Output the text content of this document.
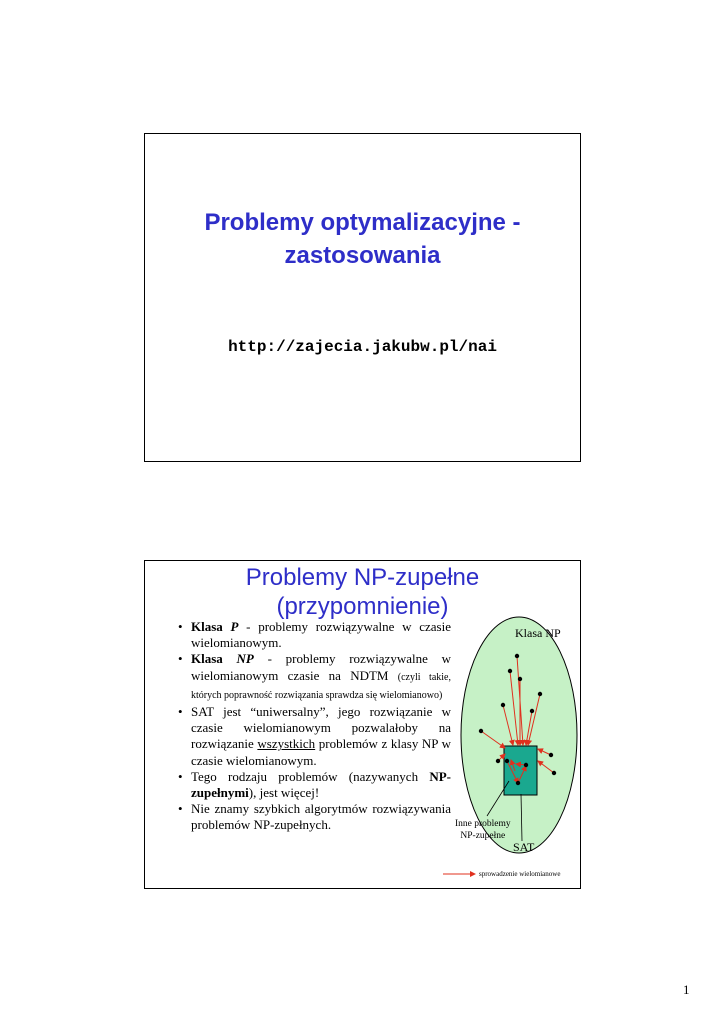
Problemy optymalizacyjne -
zastosowania
http://zajecia.jakubw.pl/nai
Problemy NP-zupełne
(przypomnienie)
• Klasa P - problemy rozwiązywalne w czasie wielomianowym.
• Klasa NP - problemy rozwiązywalne w wielomianowym czasie na NDTM (czyli takie, których poprawność rozwiązania sprawdza się wielomianowo)
• SAT jest “uniwersalny”, jego rozwiązanie w czasie wielomianowym pozwalałoby na rozwiązanie wszystkich problemów z klasy NP w czasie wielomianowym.
• Tego rodzaju problemów (nazywanych NP-zupełnymi), jest więcej!
• Nie znamy szybkich algorytmów rozwiązywania problemów NP-zupełnych.
Klasa NP
Inne problemy
NP-zupełne
SAT
sprowadzenie wielomianowe
1
